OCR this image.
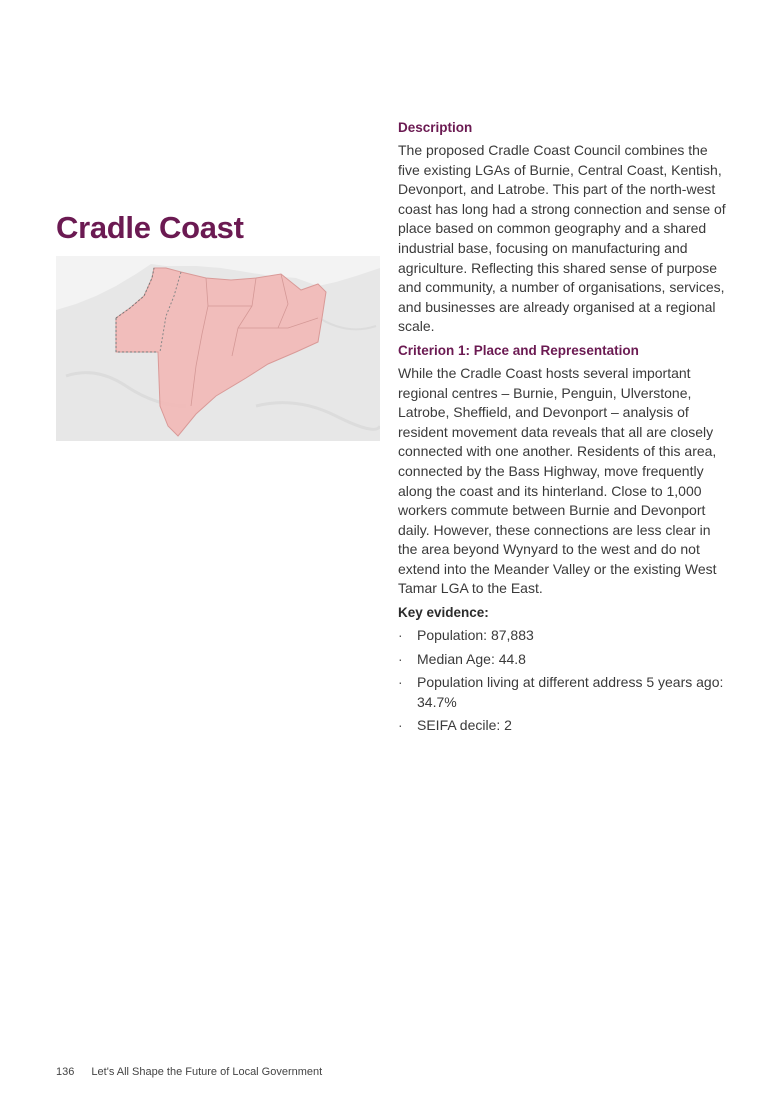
Cradle Coast
Description

The proposed Cradle Coast Council combines the five existing LGAs of Burnie, Central Coast, Kentish, Devonport, and Latrobe. This part of the north-west coast has long had a strong connection and sense of place based on common geography and a shared industrial base, focusing on manufacturing and agriculture. Reflecting this shared sense of purpose and community, a number of organisations, services, and businesses are already organised at a regional scale.

Criterion 1: Place and Representation

While the Cradle Coast hosts several important regional centres – Burnie, Penguin, Ulverstone, Latrobe, Sheffield, and Devonport – analysis of resident movement data reveals that all are closely connected with one another. Residents of this area, connected by the Bass Highway, move frequently along the coast and its hinterland. Close to 1,000 workers commute between Burnie and Devonport daily. However, these connections are less clear in the area beyond Wynyard to the west and do not extend into the Meander Valley or the existing West Tamar LGA to the East.

Key evidence:
· Population: 87,883
· Median Age: 44.8
· Population living at different address 5 years ago: 34.7%
· SEIFA decile: 2
136 Let's All Shape the Future of Local Government
